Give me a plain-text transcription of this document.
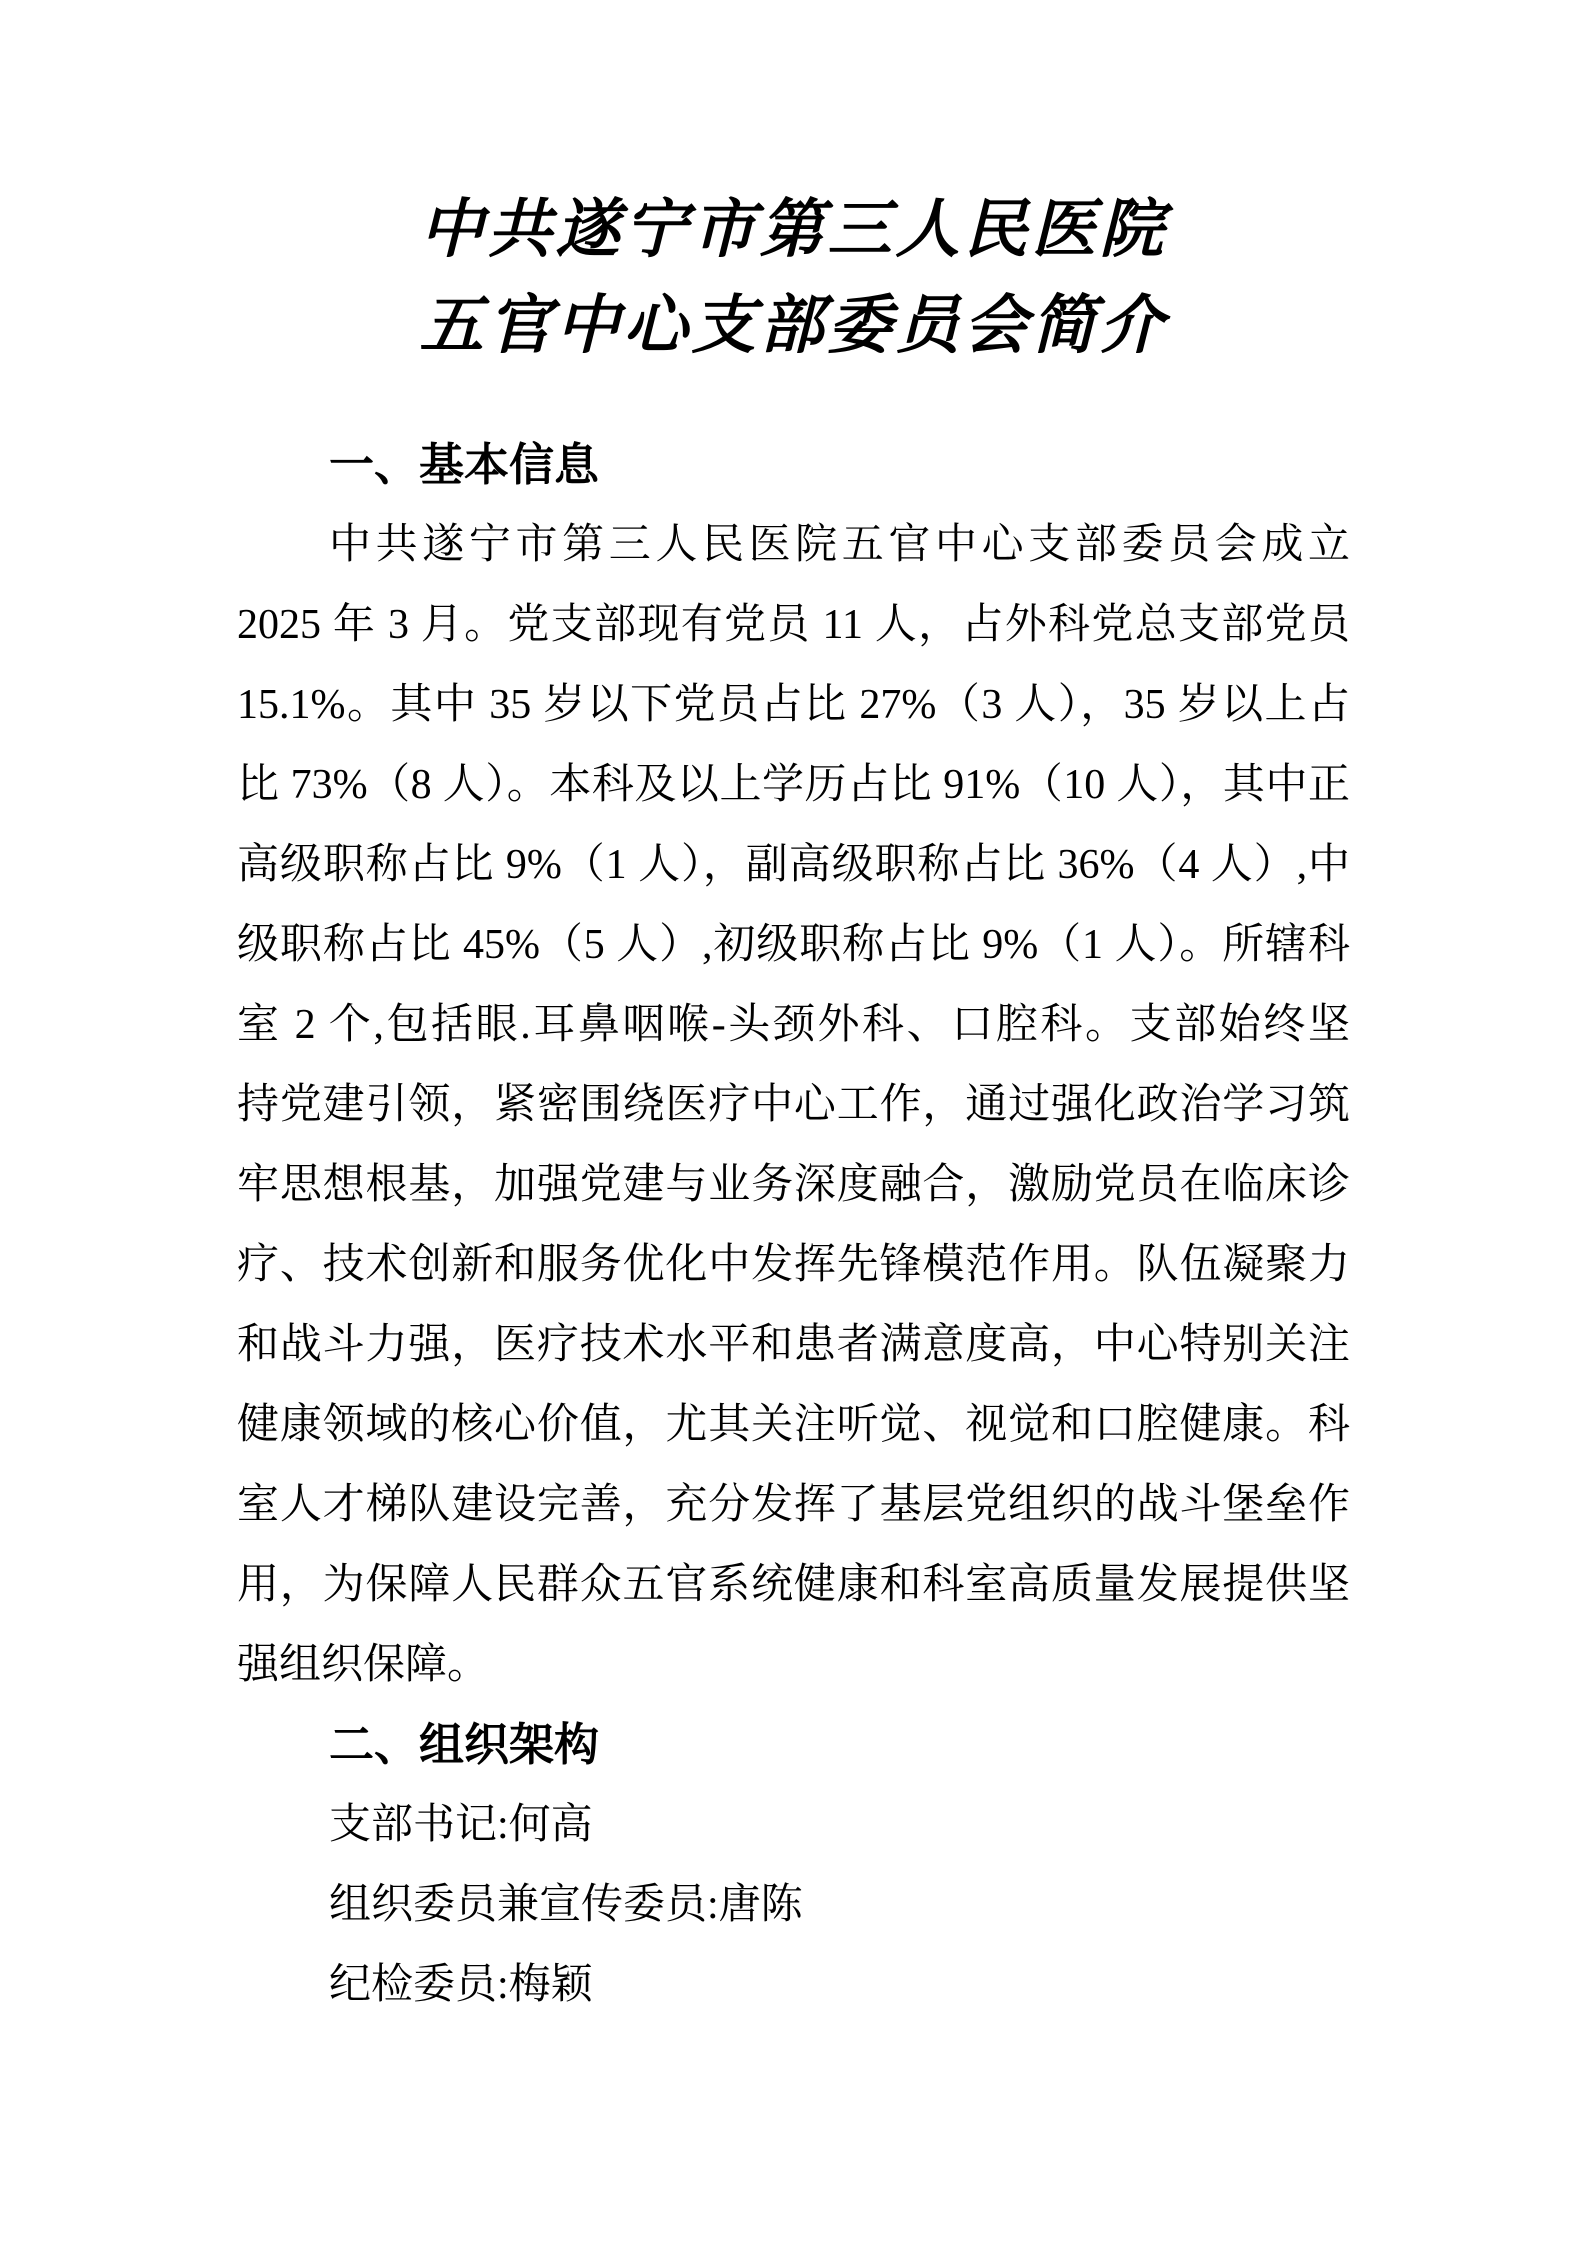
中共遂宁市第三人民医院
五官中心支部委员会简介
一、基本信息
中共遂宁市第三人民医院五官中心支部委员会成立
2025 年 3 月。党支部现有党员 11 人，占外科党总支部党员
15.1%。其中 35 岁以下党员占比 27%（3 人），35 岁以上占
比 73%（8 人）。本科及以上学历占比 91%（10 人），其中正
高级职称占比 9%（1 人），副高级职称占比 36%（4 人）,中
级职称占比 45%（5 人）,初级职称占比 9%（1 人）。所辖科
室 2 个,包括眼.耳鼻咽喉-头颈外科、口腔科。支部始终坚
持党建引领，紧密围绕医疗中心工作，通过强化政治学习筑
牢思想根基，加强党建与业务深度融合，激励党员在临床诊
疗、技术创新和服务优化中发挥先锋模范作用。队伍凝聚力
和战斗力强，医疗技术水平和患者满意度高，中心特别关注
健康领域的核心价值，尤其关注听觉、视觉和口腔健康。科
室人才梯队建设完善，充分发挥了基层党组织的战斗堡垒作
用，为保障人民群众五官系统健康和科室高质量发展提供坚
强组织保障。
二、组织架构
支部书记:何高
组织委员兼宣传委员:唐陈
纪检委员:梅颖
